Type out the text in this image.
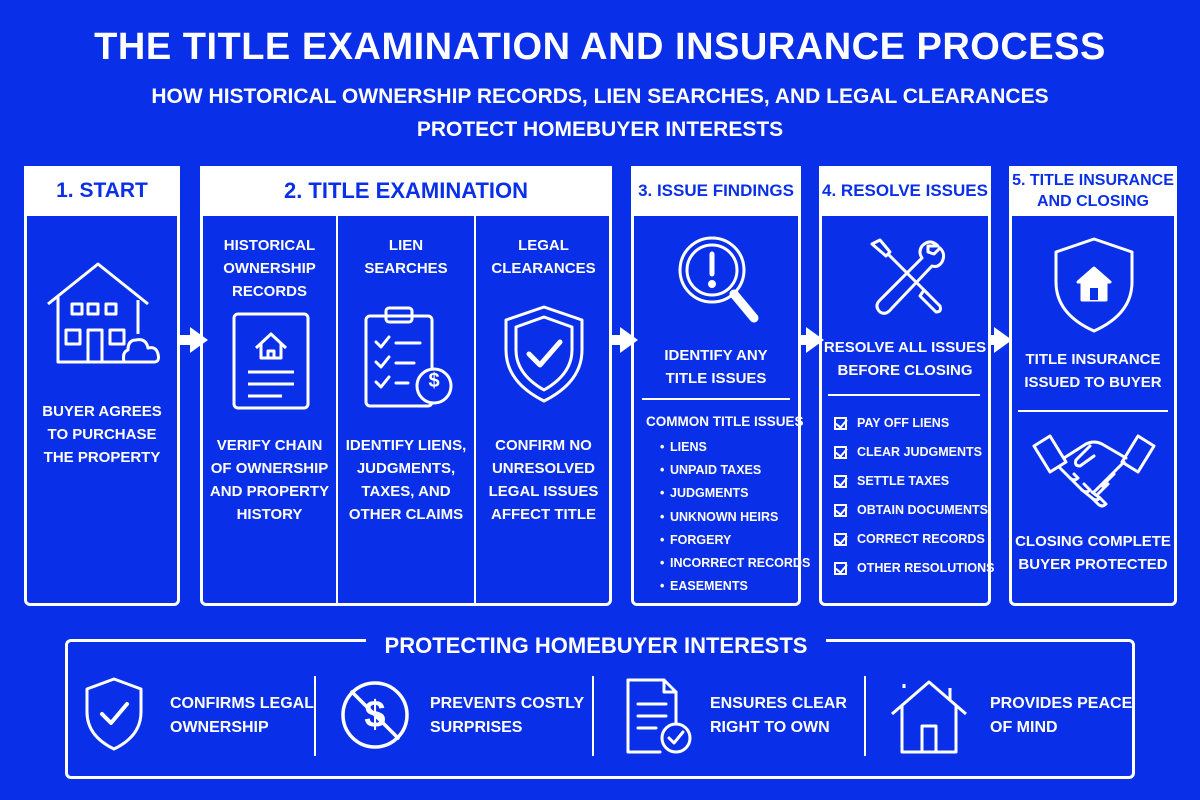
THE TITLE EXAMINATION AND INSURANCE PROCESS
HOW HISTORICAL OWNERSHIP RECORDS, LIEN SEARCHES, AND LEGAL CLEARANCES
PROTECT HOMEBUYER INTERESTS
1. START
BUYER AGREES
TO PURCHASE
THE PROPERTY
2. TITLE EXAMINATION
HISTORICAL
OWNERSHIP
RECORDS
VERIFY CHAIN
OF OWNERSHIP
AND PROPERTY
HISTORY
LIEN
SEARCHES
$
IDENTIFY LIENS,
JUDGMENTS,
TAXES, AND
OTHER CLAIMS
LEGAL
CLEARANCES
CONFIRM NO
UNRESOLVED
LEGAL ISSUES
AFFECT TITLE
3. ISSUE FINDINGS
IDENTIFY ANY
TITLE ISSUES
COMMON TITLE ISSUES
• LIENS
• UNPAID TAXES
• JUDGMENTS
• UNKNOWN HEIRS
• FORGERY
• INCORRECT RECORDS
• EASEMENTS
4. RESOLVE ISSUES
RESOLVE ALL ISSUES
BEFORE CLOSING
PAY OFF LIENS
CLEAR JUDGMENTS
SETTLE TAXES
OBTAIN DOCUMENTS
CORRECT RECORDS
OTHER RESOLUTIONS
5. TITLE INSURANCE
AND CLOSING
TITLE INSURANCE
ISSUED TO BUYER
CLOSING COMPLETE
BUYER PROTECTED
PROTECTING HOMEBUYER INTERESTS
CONFIRMS LEGAL
OWNERSHIP	$	PREVENTS COSTLY
SURPRISES
ENSURES CLEAR
RIGHT TO OWN
PROVIDES PEACE
OF MIND
